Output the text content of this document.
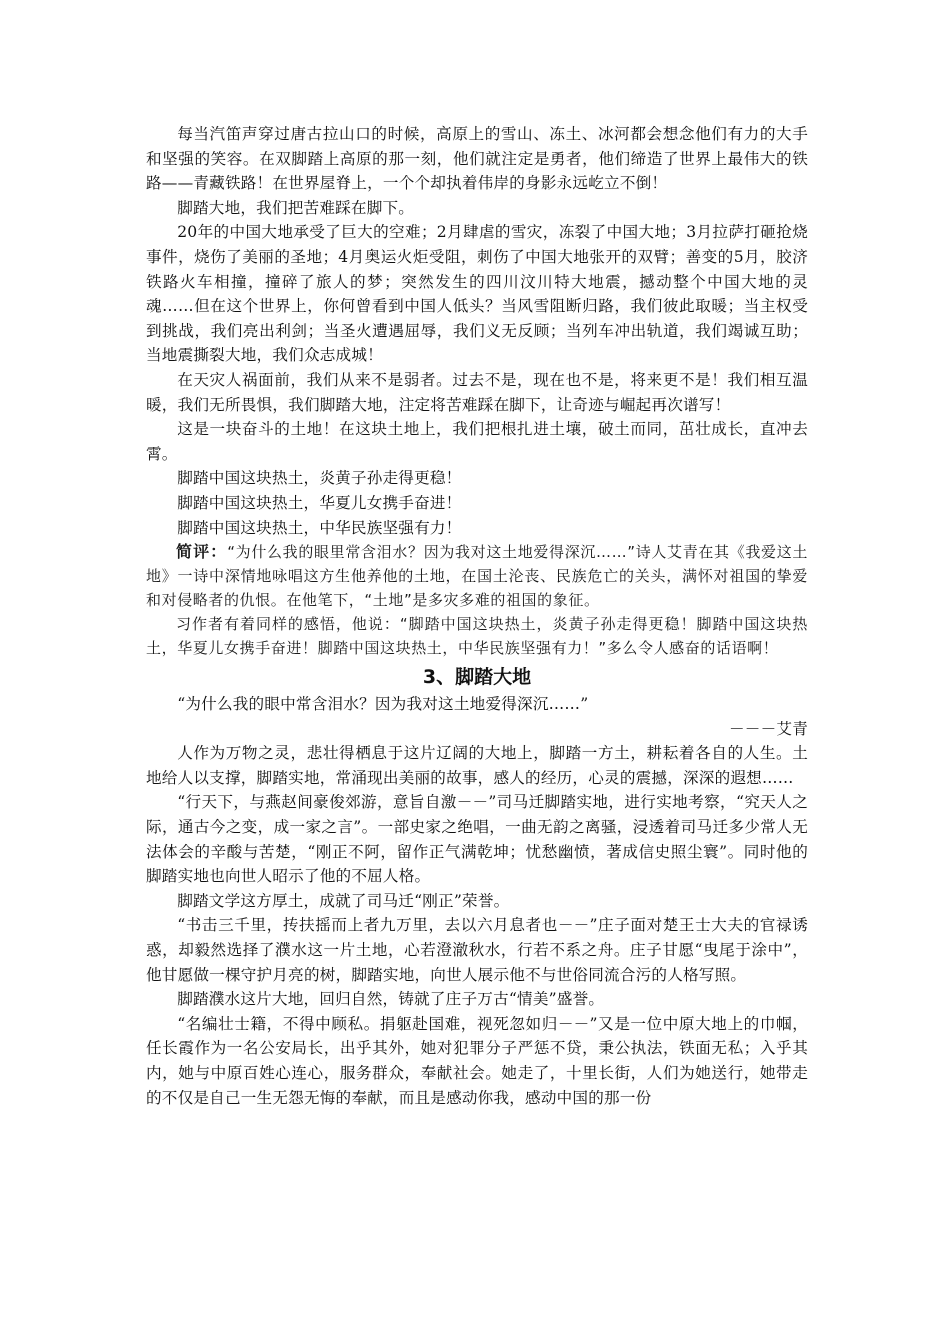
每当汽笛声穿过唐古拉山口的时候，高原上的雪山、冻土、冰河都会想念他们有力的大手和坚强的笑容。在双脚踏上高原的那一刻，他们就注定是勇者，他们缔造了世界上最伟大的铁路——青藏铁路！在世界屋脊上，一个个却执着伟岸的身影永远屹立不倒！

脚踏大地，我们把苦难踩在脚下。

20年的中国大地承受了巨大的空难；2月肆虐的雪灾，冻裂了中国大地；3月拉萨打砸抢烧事件，烧伤了美丽的圣地；4月奥运火炬受阻，刺伤了中国大地张开的双臂；善变的5月，胶济铁路火车相撞，撞碎了旅人的梦；突然发生的四川汶川特大地震，撼动整个中国大地的灵魂……但在这个世界上，你何曾看到中国人低头？当风雪阻断归路，我们彼此取暖；当主权受到挑战，我们亮出利剑；当圣火遭遇屈辱，我们义无反顾；当列车冲出轨道，我们竭诚互助；当地震撕裂大地，我们众志成城！

在天灾人祸面前，我们从来不是弱者。过去不是，现在也不是，将来更不是！我们相互温暖，我们无所畏惧，我们脚踏大地，注定将苦难踩在脚下，让奇迹与崛起再次谱写！

这是一块奋斗的土地！在这块土地上，我们把根扎进土壤，破土而同，茁壮成长，直冲去霄。

脚踏中国这块热土，炎黄子孙走得更稳！

脚踏中国这块热土，华夏儿女携手奋进！

脚踏中国这块热土，中华民族坚强有力！

简评：“为什么我的眼里常含泪水？因为我对这土地爱得深沉……”诗人艾青在其《我爱这土地》一诗中深情地咏唱这方生他养他的土地，在国土沦丧、民族危亡的关头，满怀对祖国的挚爱和对侵略者的仇恨。在他笔下，“土地”是多灾多难的祖国的象征。

习作者有着同样的感悟，他说：“脚踏中国这块热土，炎黄子孙走得更稳！脚踏中国这块热土，华夏儿女携手奋进！脚踏中国这块热土，中华民族坚强有力！”多么令人感奋的话语啊！

3、脚踏大地

“为什么我的眼中常含泪水？因为我对这土地爱得深沉……”

－－－艾青

人作为万物之灵，悲壮得栖息于这片辽阔的大地上，脚踏一方土，耕耘着各自的人生。土地给人以支撑，脚踏实地，常涌现出美丽的故事，感人的经历，心灵的震撼，深深的遐想……

“行天下，与燕赵间豪俊郊游，意旨自激－－”司马迁脚踏实地，进行实地考察，“究天人之际，通古今之变，成一家之言”。一部史家之绝唱，一曲无韵之离骚，浸透着司马迁多少常人无法体会的辛酸与苦楚，“刚正不阿，留作正气满乾坤；忧愁幽愤，著成信史照尘寰”。同时他的脚踏实地也向世人昭示了他的不屈人格。

脚踏文学这方厚土，成就了司马迁“刚正”荣誉。

“书击三千里，抟扶摇而上者九万里，去以六月息者也－－”庄子面对楚王士大夫的官禄诱惑，却毅然选择了濮水这一片土地，心若澄澈秋水，行若不系之舟。庄子甘愿“曳尾于涂中”，他甘愿做一棵守护月亮的树，脚踏实地，向世人展示他不与世俗同流合污的人格写照。

脚踏濮水这片大地，回归自然，铸就了庄子万古“情美”盛誉。

“名编壮士籍，不得中顾私。捐躯赴国难，视死忽如归－－”又是一位中原大地上的巾帼，任长霞作为一名公安局长，出乎其外，她对犯罪分子严惩不贷，秉公执法，铁面无私；入乎其内，她与中原百姓心连心，服务群众，奉献社会。她走了，十里长街，人们为她送行，她带走的不仅是自己一生无怨无悔的奉献，而且是感动你我，感动中国的那一份
